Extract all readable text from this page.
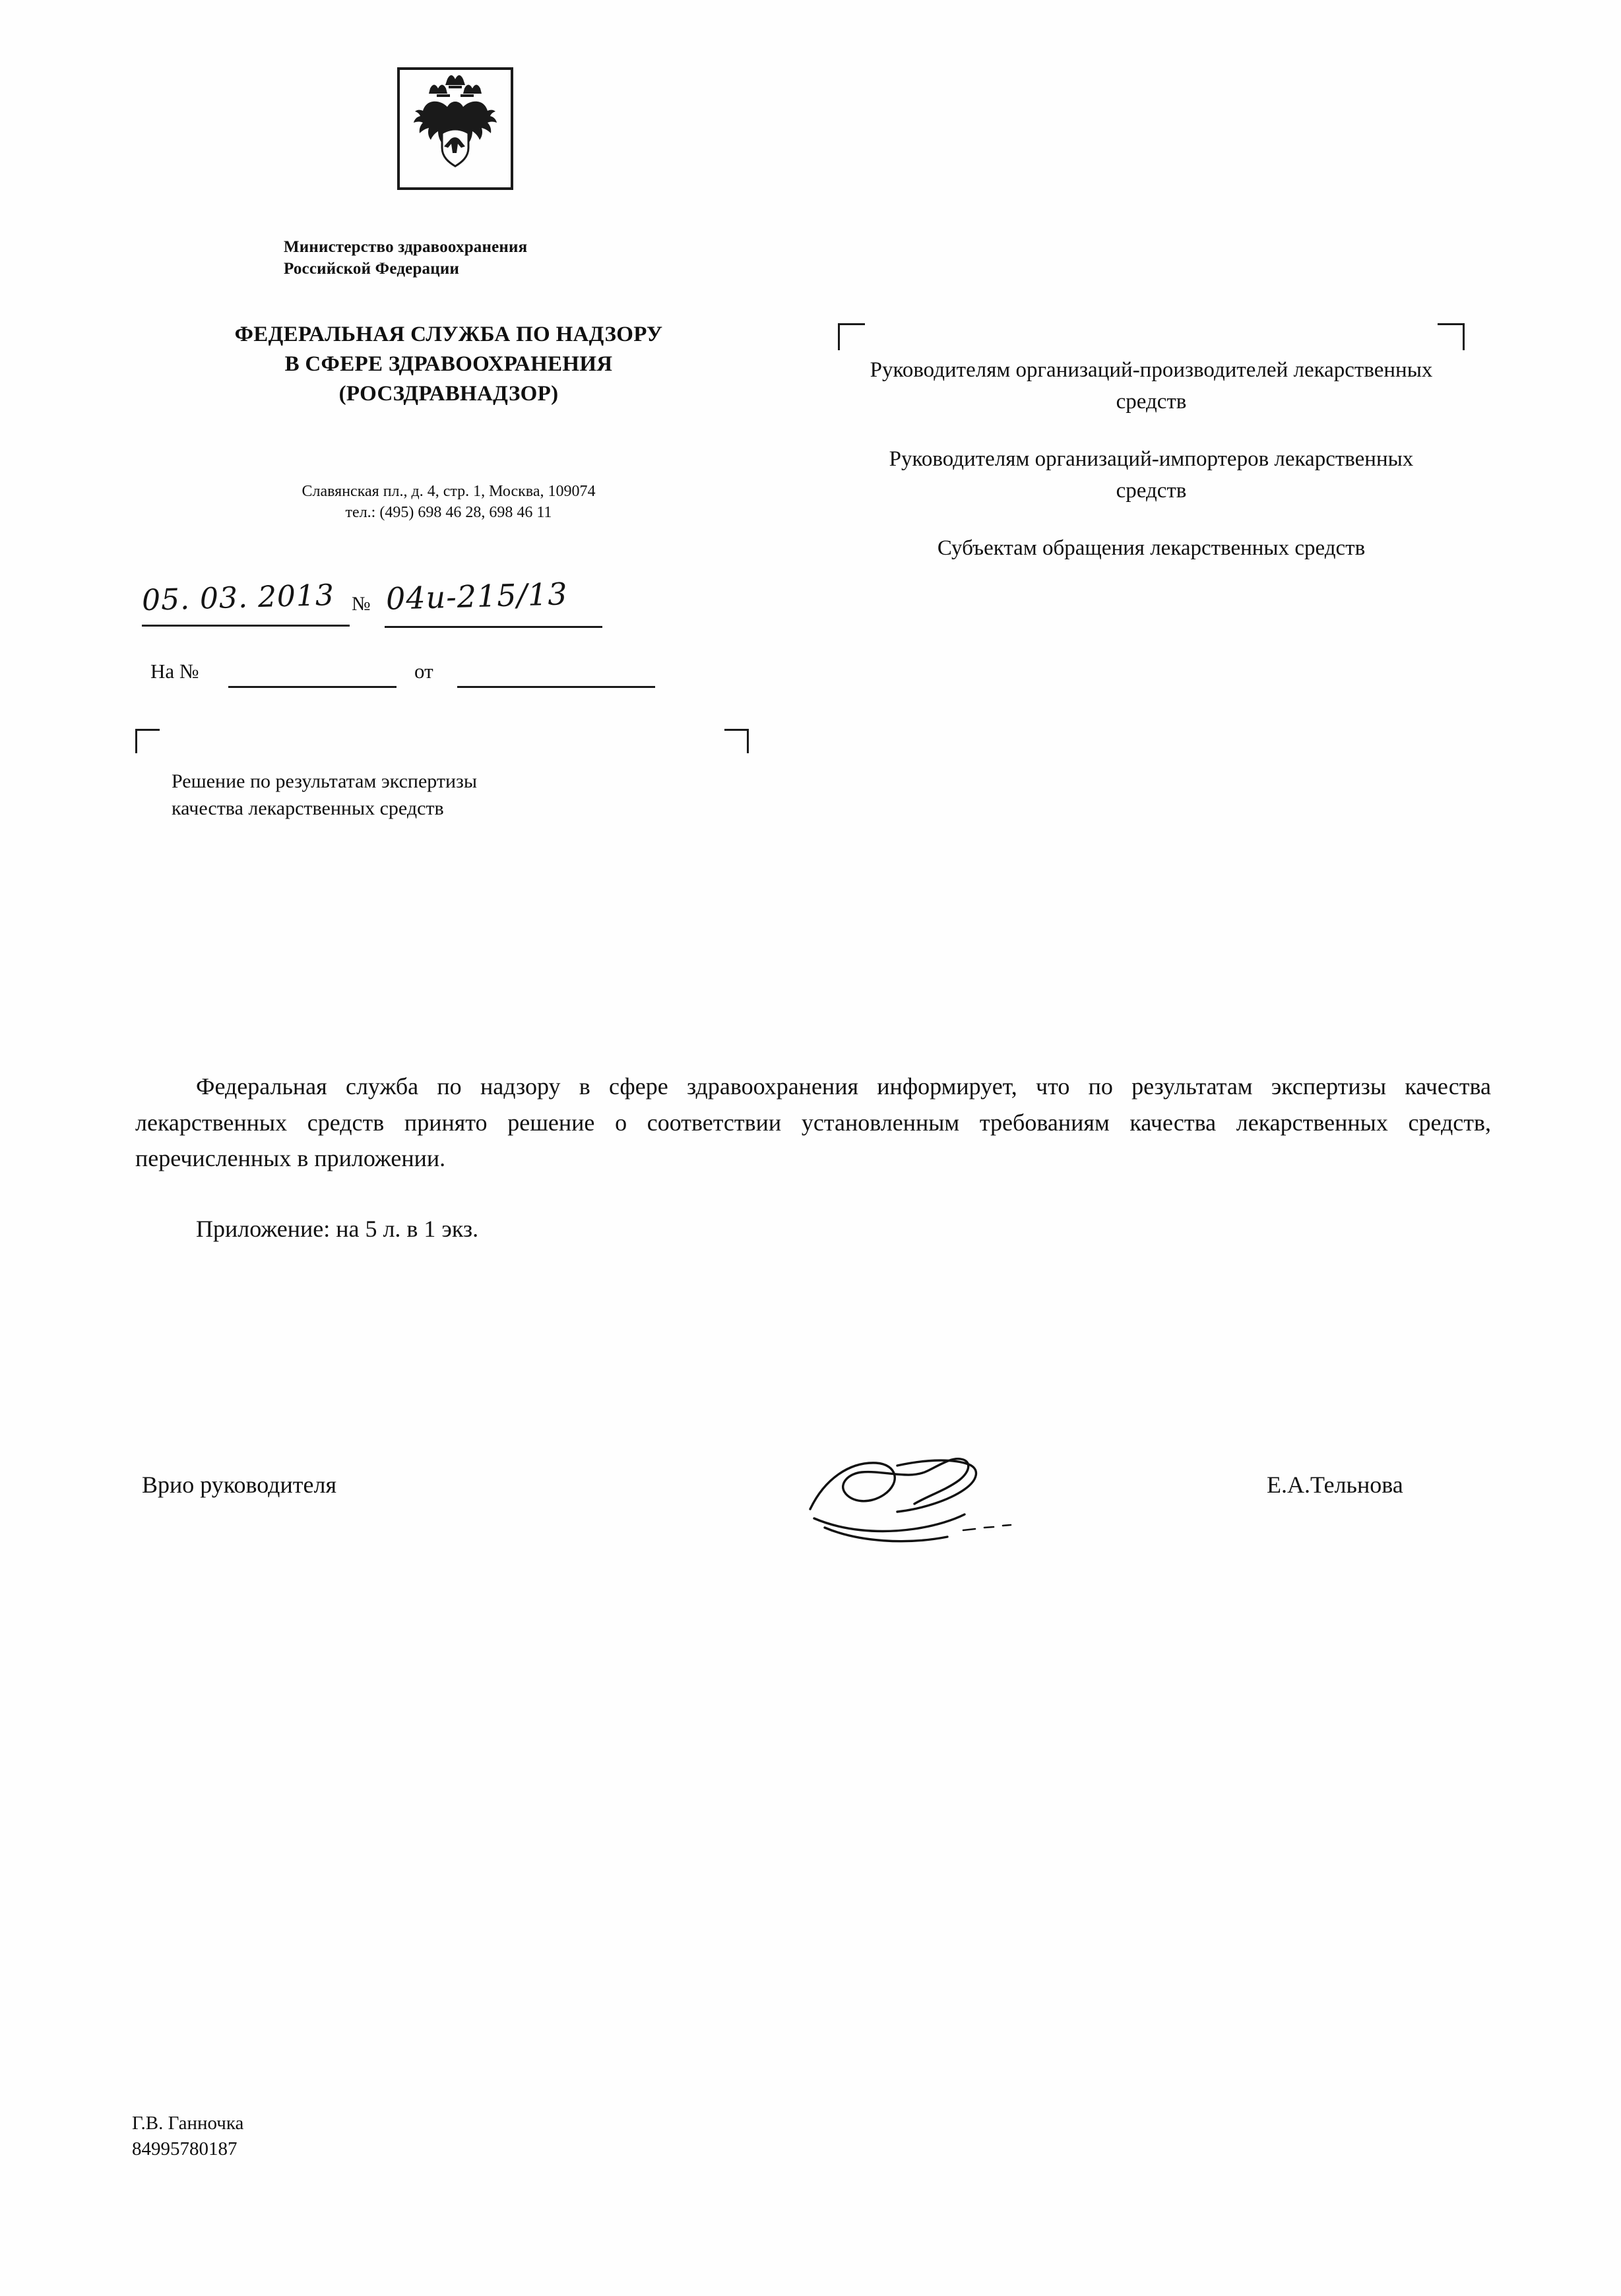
Министерство здравоохранения
Российской Федерации
ФЕДЕРАЛЬНАЯ СЛУЖБА ПО НАДЗОРУ
В СФЕРЕ ЗДРАВООХРАНЕНИЯ
(РОСЗДРАВНАДЗОР)
Славянская пл., д. 4, стр. 1, Москва, 109074
тел.: (495) 698 46 28, 698 46 11
05. 03. 2013 № 04и-215/13
На №	от
Решение по результатам экспертизы
качества лекарственных средств

Руководителям организаций-производителей лекарственных средств

Руководителям организаций-импортеров лекарственных средств

Субъектам обращения лекарственных средств

Федеральная служба по надзору в сфере здравоохранения информирует, что по результатам экспертизы качества лекарственных средств принято решение о соответствии установленным требованиям качества лекарственных средств, перечисленных в приложении.

Приложение: на 5 л. в 1 экз.

Врио руководителя	Е.А.Тельнова
Г.В. Ганночка
84995780187
